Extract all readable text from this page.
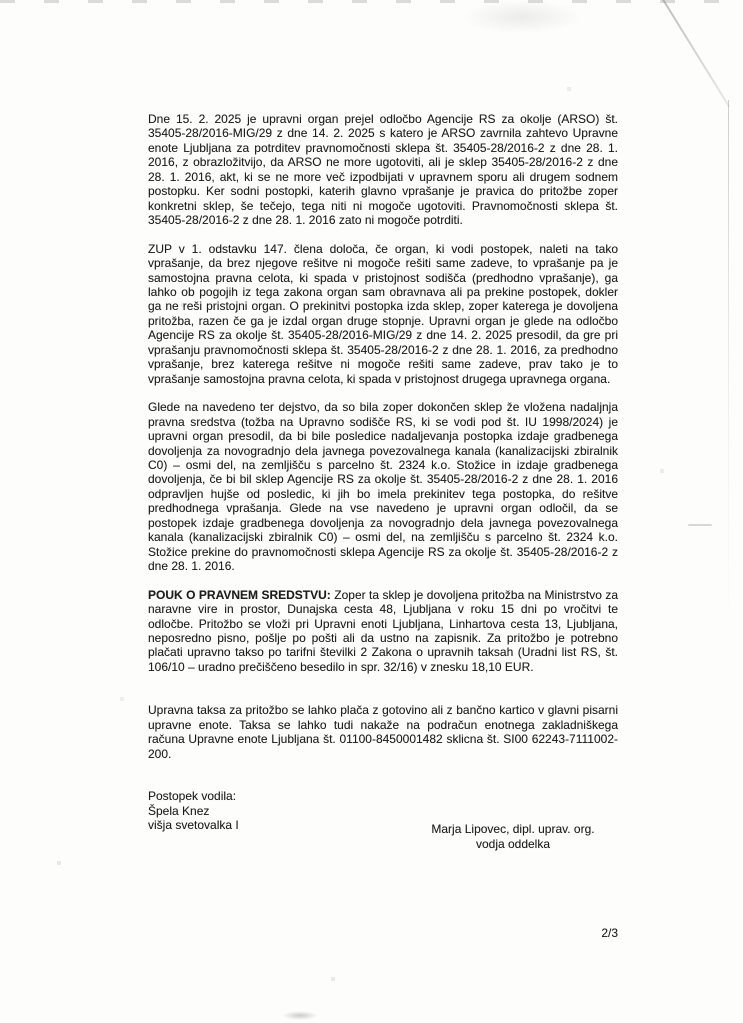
Dne 15. 2. 2025 je upravni organ prejel odločbo Agencije RS za okolje (ARSO) št. 35405-28/2016-MIG/29 z dne 14. 2. 2025 s katero je ARSO zavrnila zahtevo Upravne enote Ljubljana za potrditev pravnomočnosti sklepa št. 35405-28/2016-2 z dne 28. 1. 2016, z obrazložitvijo, da ARSO ne more ugotoviti, ali je sklep 35405-28/2016-2 z dne 28. 1. 2016, akt, ki se ne more več izpodbijati v upravnem sporu ali drugem sodnem postopku. Ker sodni postopki, katerih glavno vprašanje je pravica do pritožbe zoper konkretni sklep, še tečejo, tega niti ni mogoče ugotoviti. Pravnomočnosti sklepa št. 35405-28/2016-2 z dne 28. 1. 2016 zato ni mogoče potrditi.

ZUP v 1. odstavku 147. člena določa, če organ, ki vodi postopek, naleti na tako vprašanje, da brez njegove rešitve ni mogoče rešiti same zadeve, to vprašanje pa je samostojna pravna celota, ki spada v pristojnost sodišča (predhodno vprašanje), ga lahko ob pogojih iz tega zakona organ sam obravnava ali pa prekine postopek, dokler ga ne reši pristojni organ. O prekinitvi postopka izda sklep, zoper katerega je dovoljena pritožba, razen če ga je izdal organ druge stopnje. Upravni organ je glede na odločbo Agencije RS za okolje št. 35405-28/2016-MIG/29 z dne 14. 2. 2025 presodil, da gre pri vprašanju pravnomočnosti sklepa št. 35405-28/2016-2 z dne 28. 1. 2016, za predhodno vprašanje, brez katerega rešitve ni mogoče rešiti same zadeve, prav tako je to vprašanje samostojna pravna celota, ki spada v pristojnost drugega upravnega organa.

Glede na navedeno ter dejstvo, da so bila zoper dokončen sklep že vložena nadaljnja pravna sredstva (tožba na Upravno sodišče RS, ki se vodi pod št. IU 1998/2024) je upravni organ presodil, da bi bile posledice nadaljevanja postopka izdaje gradbenega dovoljenja za novogradnjo dela javnega povezovalnega kanala (kanalizacijski zbiralnik C0) – osmi del, na zemljišču s parcelno št. 2324 k.o. Stožice in izdaje gradbenega dovoljenja, če bi bil sklep Agencije RS za okolje št. 35405-28/2016-2 z dne 28. 1. 2016 odpravljen hujše od posledic, ki jih bo imela prekinitev tega postopka, do rešitve predhodnega vprašanja. Glede na vse navedeno je upravni organ odločil, da se postopek izdaje gradbenega dovoljenja za novogradnjo dela javnega povezovalnega kanala (kanalizacijski zbiralnik C0) – osmi del, na zemljišču s parcelno št. 2324 k.o. Stožice prekine do pravnomočnosti sklepa Agencije RS za okolje št. 35405-28/2016-2 z dne 28. 1. 2016.

POUK O PRAVNEM SREDSTVU: Zoper ta sklep je dovoljena pritožba na Ministrstvo za naravne vire in prostor, Dunajska cesta 48, Ljubljana v roku 15 dni po vročitvi te odločbe. Pritožbo se vloži pri Upravni enoti Ljubljana, Linhartova cesta 13, Ljubljana, neposredno pisno, pošlje po pošti ali da ustno na zapisnik. Za pritožbo je potrebno plačati upravno takso po tarifni številki 2 Zakona o upravnih taksah (Uradni list RS, št. 106/10 – uradno prečiščeno besedilo in spr. 32/16) v znesku 18,10 EUR.

Upravna taksa za pritožbo se lahko plača z gotovino ali z bančno kartico v glavni pisarni upravne enote. Taksa se lahko tudi nakaže na podračun enotnega zakladniškega računa Upravne enote Ljubljana št. 01100-8450001482 sklicna št. SI00 62243-7111002-200.

Postopek vodila:
Špela Knez
višja svetovalka I	Marja Lipovec, dipl. uprav. org.
vodja oddelka
2/3
